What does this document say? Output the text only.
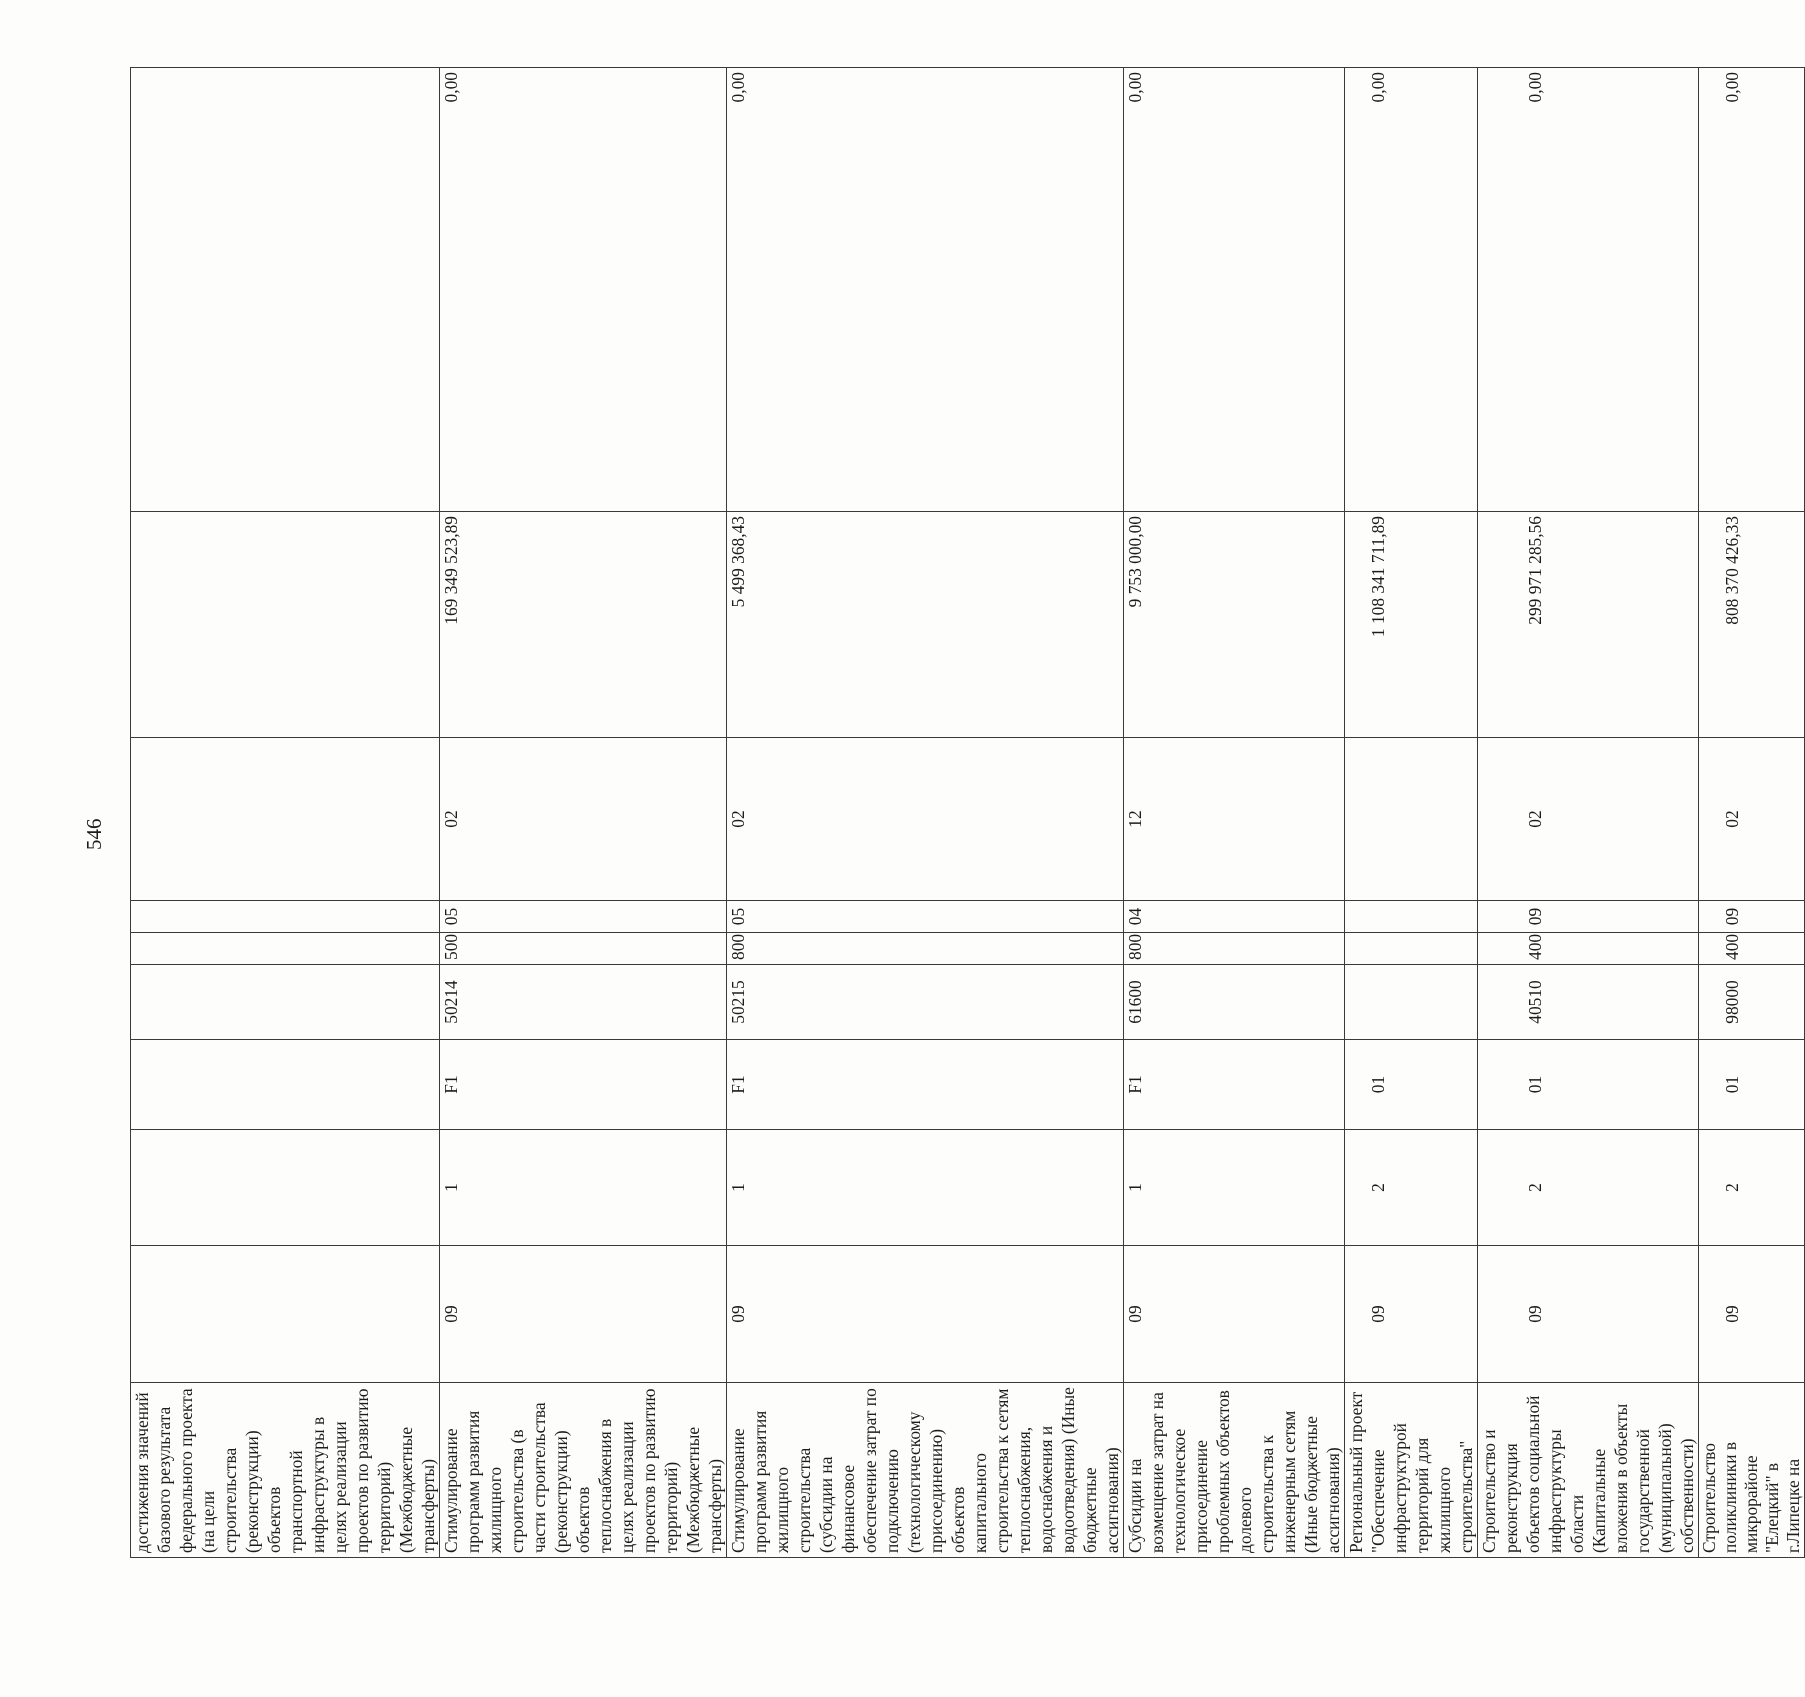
546
достижения значений базового результата федерального проекта (на цели строительства (реконструкции) объектов транспортной инфраструктуры в целях реализации проектов по развитию территорий) (Межбюджетные трансферты)										
Стимулирование программ развития жилищного строительства (в части строительства (реконструкции) объектов теплоснабжения в целях реализации проектов по развитию территорий) (Межбюджетные трансферты)	09	1	F1	50214	500	05	02	169 349 523,89	0,00	
Стимулирование программ развития жилищного строительства (субсидии на финансовое обеспечение затрат по подключению (технологическому присоединению) объектов капитального строительства к сетям теплоснабжения, водоснабжения и водоотведения) (Иные бюджетные ассигнования)	09	1	F1	50215	800	05	02	5 499 368,43	0,00	
Субсидии на возмещение затрат на технологическое присоединение проблемных объектов долевого строительства к инженерным сетям (Иные бюджетные ассигнования)	09	1	F1	61600	800	04	12	9 753 000,00	0,00	
Региональный проект "Обеспечение инфраструктурой территорий для жилищного строительства"	09	2	01					1 108 341 711,89	0,00	
Строительство и реконструкция объектов социальной инфраструктуры области (Капитальные вложения в объекты государственной (муниципальной) собственности)	09	2	01	40510	400	09	02	299 971 285,56	0,00	
Строительство поликлиники в микрорайоне "Елецкий" в г.Липецке на	09	2	01	98000	400	09	02	808 370 426,33	0,00	
